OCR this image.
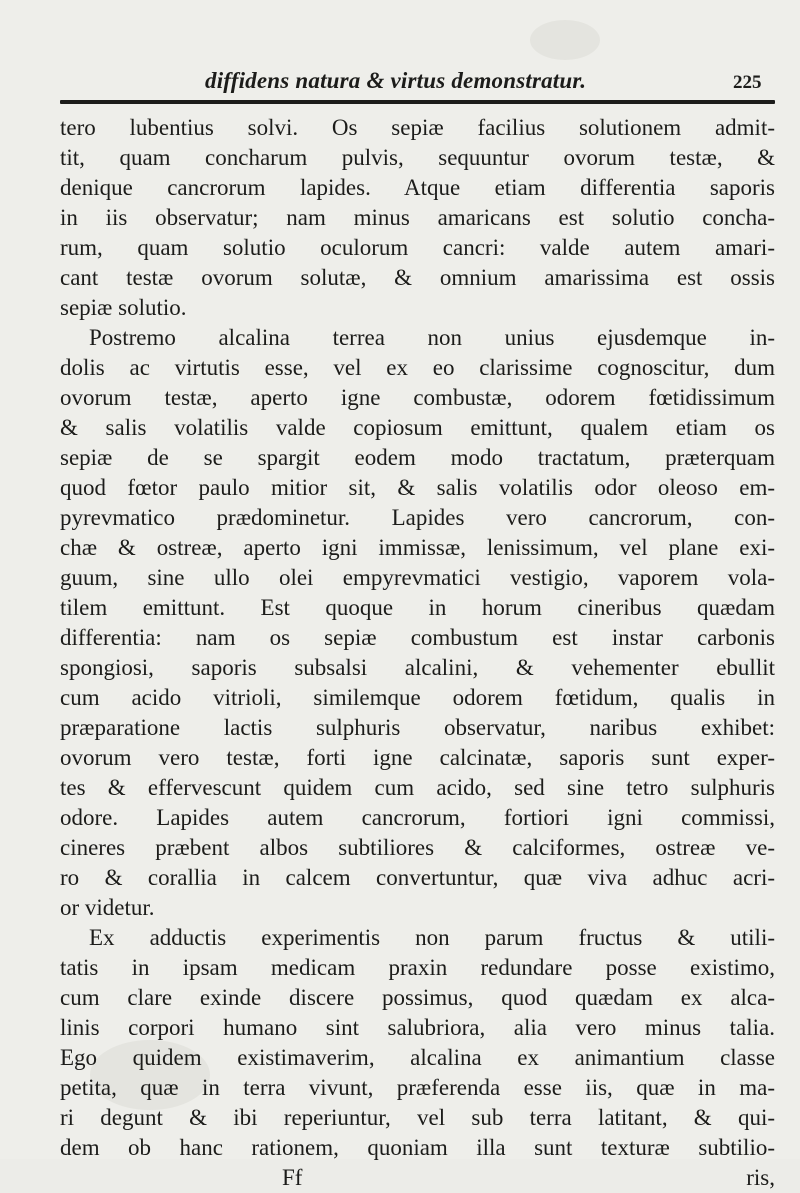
diffidens natura & virtus demonstratur.	225
tero lubentius solvi. Os sepiæ facilius solutionem admit-
tit, quam concharum pulvis, sequuntur ovorum testæ, &
denique cancrorum lapides. Atque etiam differentia saporis
in iis observatur; nam minus amaricans est solutio concha-
rum, quam solutio oculorum cancri: valde autem amari-
cant testæ ovorum solutæ, & omnium amarissima est ossis
sepiæ solutio.
Postremo alcalina terrea non unius ejusdemque in-
dolis ac virtutis esse, vel ex eo clarissime cognoscitur, dum
ovorum testæ, aperto igne combustæ, odorem fœtidissimum
& salis volatilis valde copiosum emittunt, qualem etiam os
sepiæ de se spargit eodem modo tractatum, præterquam
quod fœtor paulo mitior sit, & salis volatilis odor oleoso em-
pyrevmatico prædominetur. Lapides vero cancrorum, con-
chæ & ostreæ, aperto igni immissæ, lenissimum, vel plane exi-
guum, sine ullo olei empyrevmatici vestigio, vaporem vola-
tilem emittunt. Est quoque in horum cineribus quædam
differentia: nam os sepiæ combustum est instar carbonis
spongiosi, saporis subsalsi alcalini, & vehementer ebullit
cum acido vitrioli, similemque odorem fœtidum, qualis in
præparatione lactis sulphuris observatur, naribus exhibet:
ovorum vero testæ, forti igne calcinatæ, saporis sunt exper-
tes & effervescunt quidem cum acido, sed sine tetro sulphuris
odore. Lapides autem cancrorum, fortiori igni commissi,
cineres præbent albos subtiliores & calciformes, ostreæ ve-
ro & corallia in calcem convertuntur, quæ viva adhuc acri-
or videtur.
Ex adductis experimentis non parum fructus & utili-
tatis in ipsam medicam praxin redundare posse existimo,
cum clare exinde discere possimus, quod quædam ex alca-
linis corpori humano sint salubriora, alia vero minus talia.
Ego quidem existimaverim, alcalina ex animantium classe
petita, quæ in terra vivunt, præferenda esse iis, quæ in ma-
ri degunt & ibi reperiuntur, vel sub terra latitant, & qui-
dem ob hanc rationem, quoniam illa sunt texturæ subtilio-
Ff	ris,
